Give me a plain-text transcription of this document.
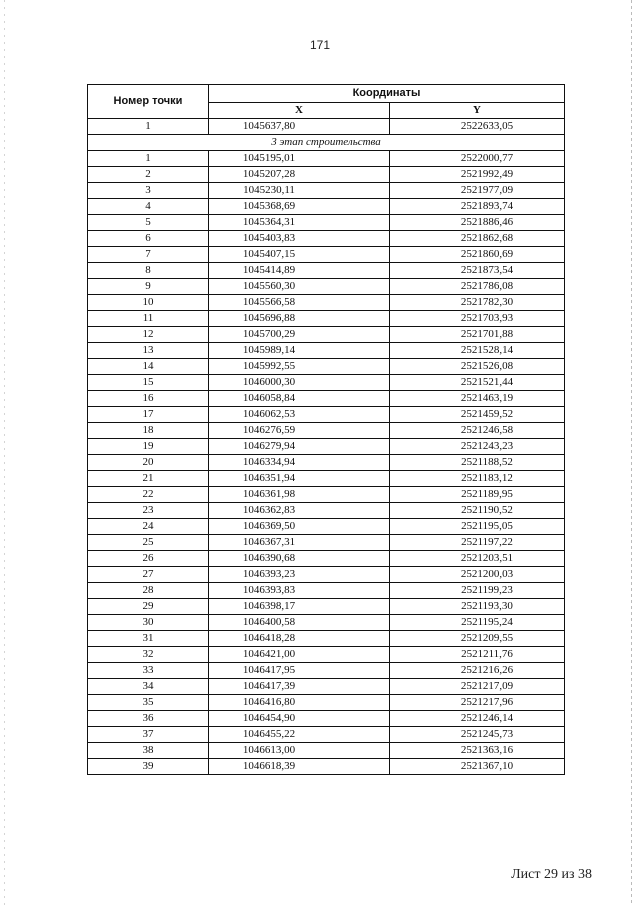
171
Номер точки	Координаты	
	X	Y
1	1045637,80	2522633,05
3 этап строительства		
1	1045195,01	2522000,77
2	1045207,28	2521992,49
3	1045230,11	2521977,09
4	1045368,69	2521893,74
5	1045364,31	2521886,46
6	1045403,83	2521862,68
7	1045407,15	2521860,69
8	1045414,89	2521873,54
9	1045560,30	2521786,08
10	1045566,58	2521782,30
11	1045696,88	2521703,93
12	1045700,29	2521701,88
13	1045989,14	2521528,14
14	1045992,55	2521526,08
15	1046000,30	2521521,44
16	1046058,84	2521463,19
17	1046062,53	2521459,52
18	1046276,59	2521246,58
19	1046279,94	2521243,23
20	1046334,94	2521188,52
21	1046351,94	2521183,12
22	1046361,98	2521189,95
23	1046362,83	2521190,52
24	1046369,50	2521195,05
25	1046367,31	2521197,22
26	1046390,68	2521203,51
27	1046393,23	2521200,03
28	1046393,83	2521199,23
29	1046398,17	2521193,30
30	1046400,58	2521195,24
31	1046418,28	2521209,55
32	1046421,00	2521211,76
33	1046417,95	2521216,26
34	1046417,39	2521217,09
35	1046416,80	2521217,96
36	1046454,90	2521246,14
37	1046455,22	2521245,73
38	1046613,00	2521363,16
39	1046618,39	2521367,10
Лист 29 из 38
